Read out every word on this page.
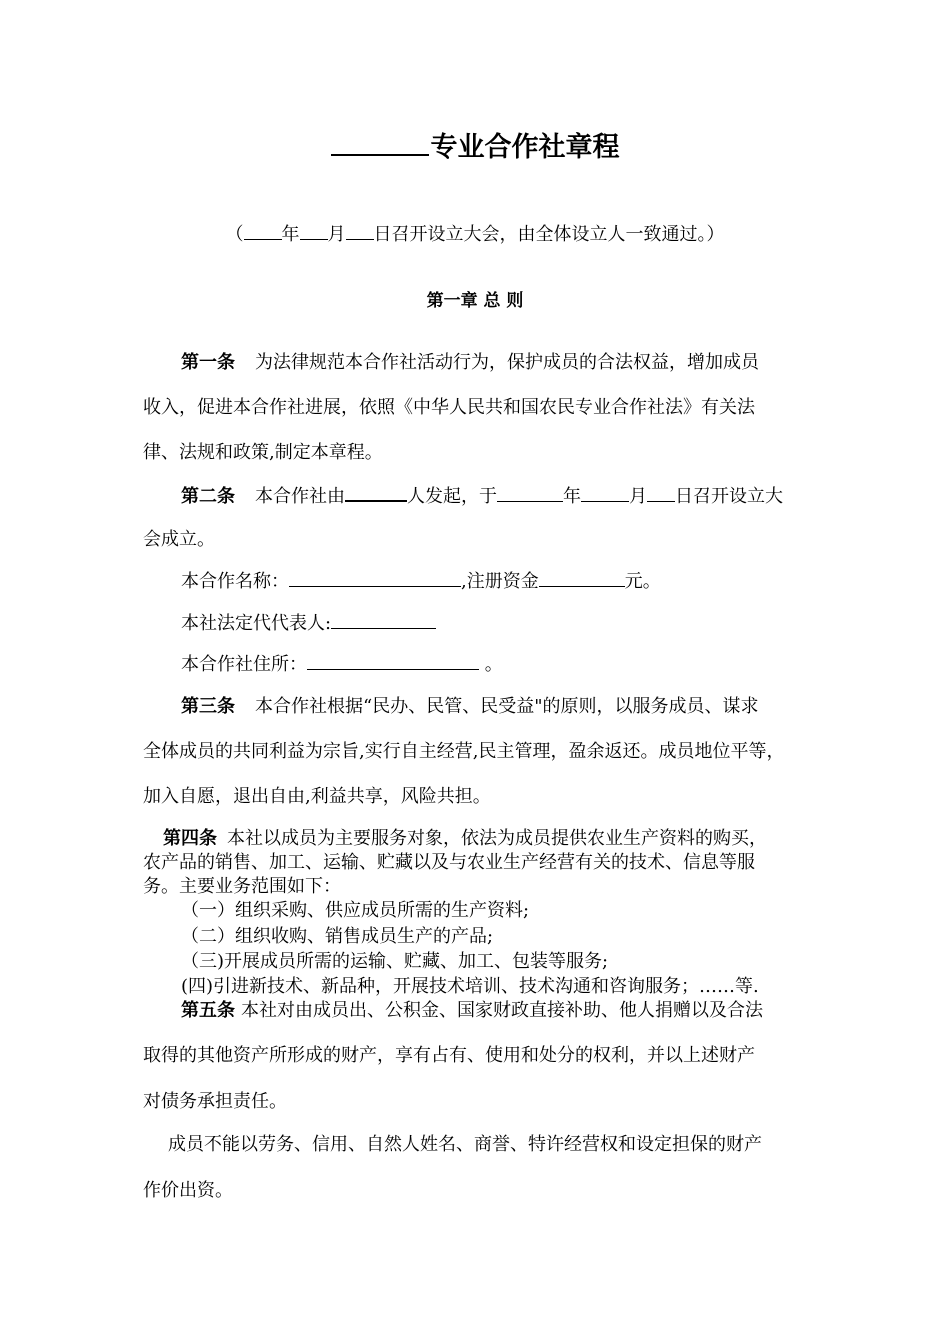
专业合作社章程
（ 年 月 日召开设立大会，由全体设立人一致通过。）
第一章 总 则
第一条 为法律规范本合作社活动行为，保护成员的合法权益，增加成员
收入，促进本合作社进展，依照《中华人民共和国农民专业合作社法》有关法
律、法规和政策,制定本章程。
第二条 本合作社由	人发起，于	年	月 日召开设立大
会成立。
本合作名称：	,注册资金	元。
本社法定代代表人:
本合作社住所：	。
第三条 本合作社根据“民办、民管、民受益"的原则，以服务成员、谋求
全体成员的共同利益为宗旨,实行自主经营,民主管理，盈余返还。成员地位平等，
加入自愿，退出自由,利益共享，风险共担。
第四条 本社以成员为主要服务对象，依法为成员提供农业生产资料的购买，
农产品的销售、加工、运输、贮藏以及与农业生产经营有关的技术、信息等服
务。主要业务范围如下：
（一）组织采购、供应成员所需的生产资料;
（二）组织收购、销售成员生产的产品;
（三)开展成员所需的运输、贮藏、加工、包装等服务;
(四)引进新技术、新品种，开展技术培训、技术沟通和咨询服务；……等.
第五条 本社对由成员出、公积金、国家财政直接补助、他人捐赠以及合法
取得的其他资产所形成的财产，享有占有、使用和处分的权利，并以上述财产
对债务承担责任。
成员不能以劳务、信用、自然人姓名、商誉、特许经营权和设定担保的财产
作价出资。
